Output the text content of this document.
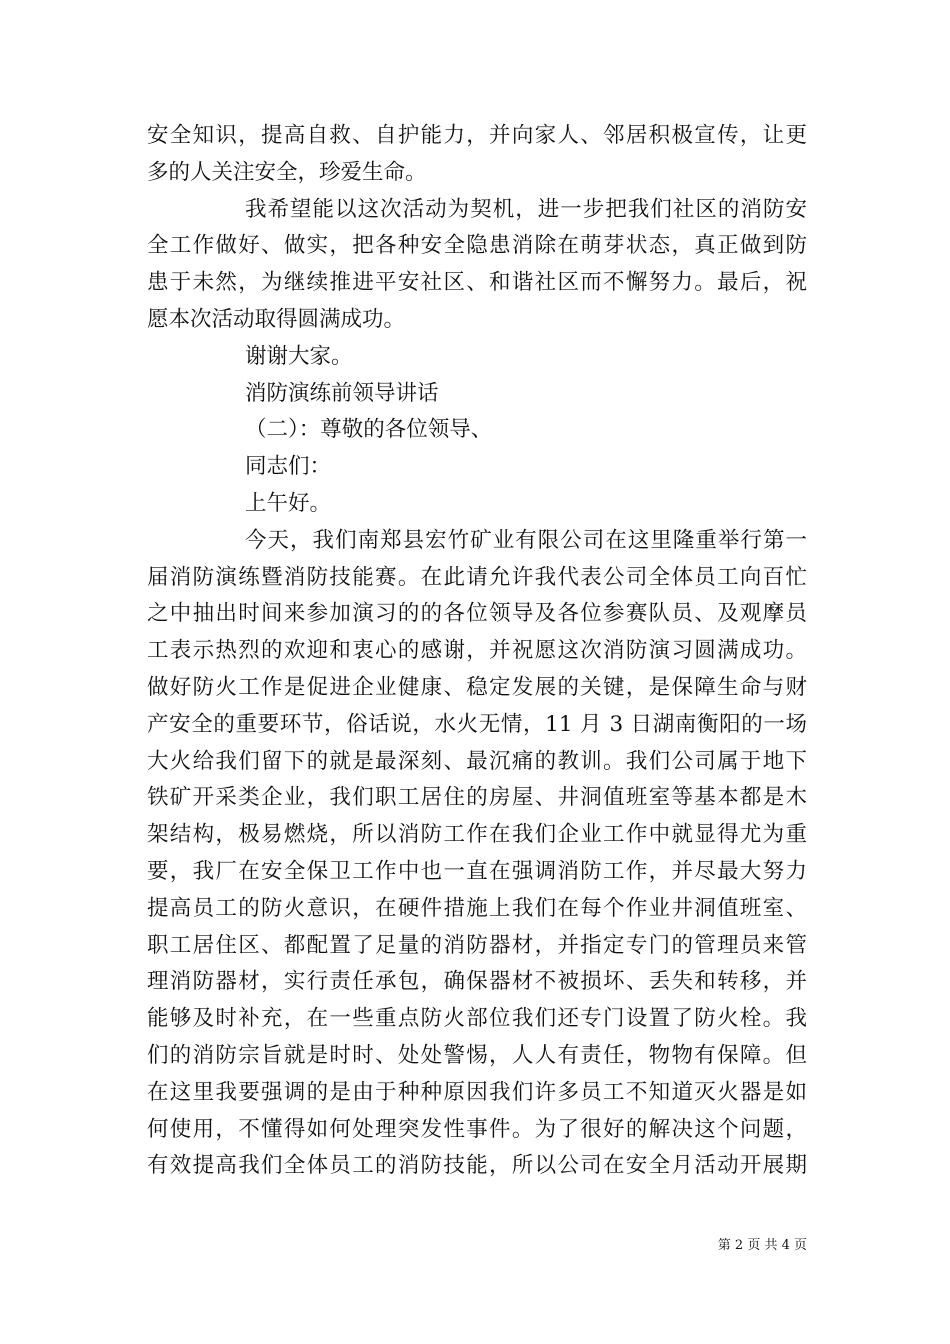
安全知识，提高自救、自护能力，并向家人、邻居积极宣传，让更
多的人关注安全，珍爱生命。
我希望能以这次活动为契机，进一步把我们社区的消防安
全工作做好、做实，把各种安全隐患消除在萌芽状态，真正做到防
患于未然，为继续推进平安社区、和谐社区而不懈努力。最后，祝
愿本次活动取得圆满成功。
谢谢大家。
消防演练前领导讲话
（二）：尊敬的各位领导、
同志们：
上午好。
今天，我们南郑县宏竹矿业有限公司在这里隆重举行第一
届消防演练暨消防技能赛。在此请允许我代表公司全体员工向百忙
之中抽出时间来参加演习的的各位领导及各位参赛队员、及观摩员
工表示热烈的欢迎和衷心的感谢，并祝愿这次消防演习圆满成功。
做好防火工作是促进企业健康、稳定发展的关键，是保障生命与财
产安全的重要环节，俗话说，水火无情，11 月 3 日湖南衡阳的一场
大火给我们留下的就是最深刻、最沉痛的教训。我们公司属于地下
铁矿开采类企业，我们职工居住的房屋、井洞值班室等基本都是木
架结构，极易燃烧，所以消防工作在我们企业工作中就显得尤为重
要，我厂在安全保卫工作中也一直在强调消防工作，并尽最大努力
提高员工的防火意识，在硬件措施上我们在每个作业井洞值班室、
职工居住区、都配置了足量的消防器材，并指定专门的管理员来管
理消防器材，实行责任承包，确保器材不被损坏、丢失和转移，并
能够及时补充，在一些重点防火部位我们还专门设置了防火栓。我
们的消防宗旨就是时时、处处警惕，人人有责任，物物有保障。但
在这里我要强调的是由于种种原因我们许多员工不知道灭火器是如
何使用，不懂得如何处理突发性事件。为了很好的解决这个问题，
有效提高我们全体员工的消防技能，所以公司在安全月活动开展期
第 2 页 共 4 页
